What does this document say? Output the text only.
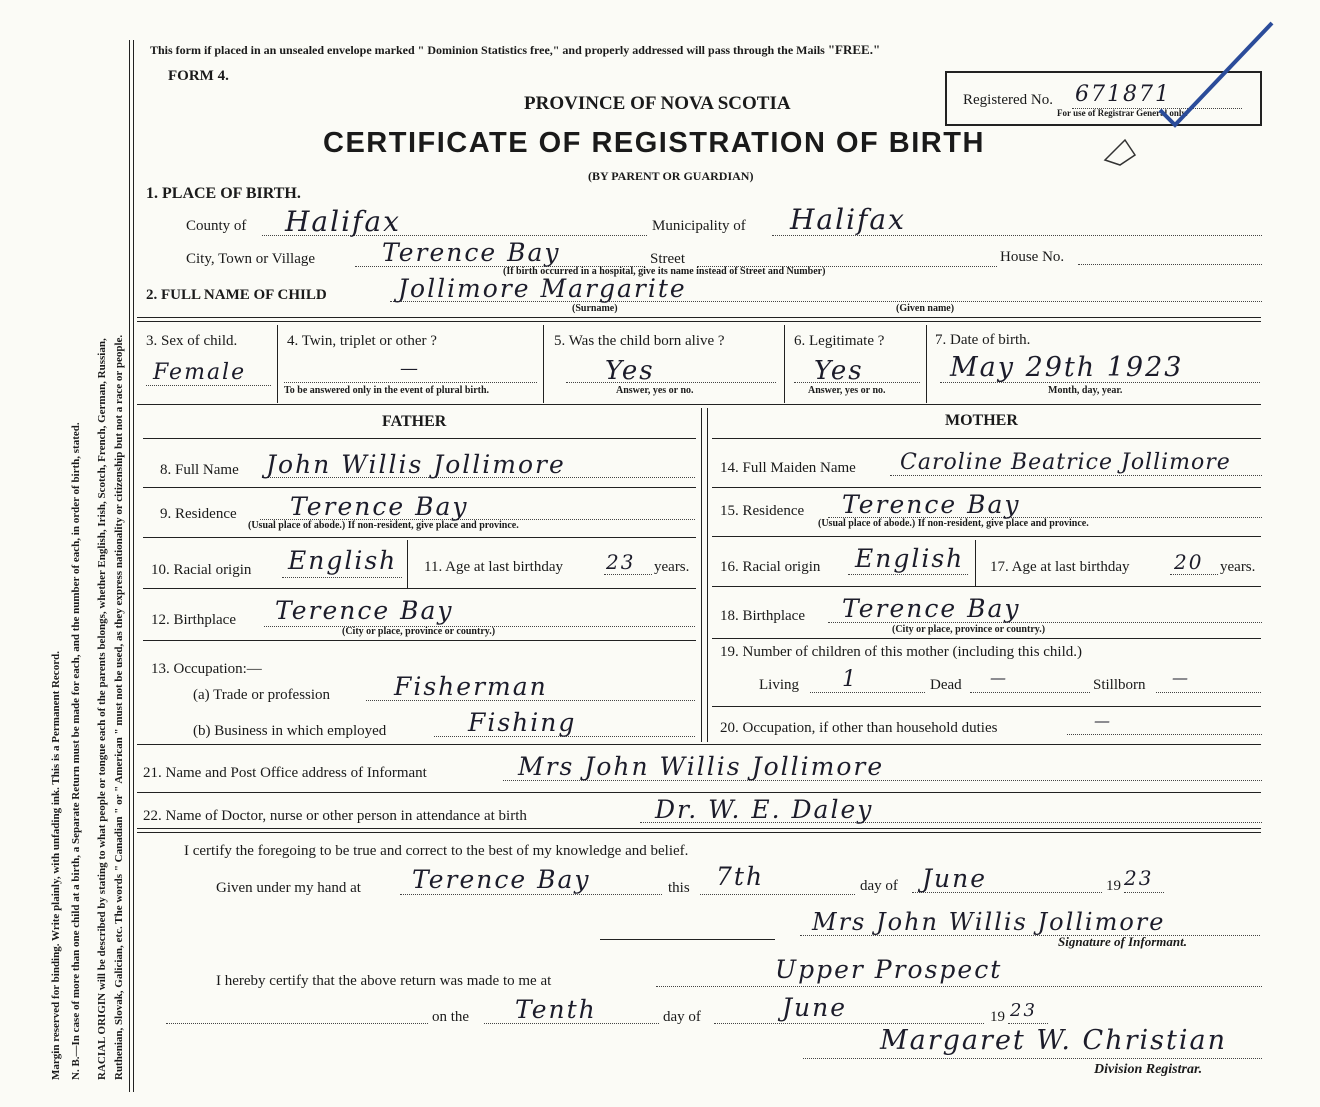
Margin reserved for binding. Write plainly, with unfading ink. This is a Permanent Record. N. B.—In case of more than one child at a birth, a Separate Return must be made for each, and the number of each, in order of birth, stated. RACIAL ORIGIN will be described by stating to what people or tongue each of the parents belongs, whether English, Irish, Scotch, French, German, Russian, Ruthenian, Slovak, Galician, etc. The words " Canadian " or " American " must not be used, as they express nationality or citizenship but not a race or people.
This form if placed in an unsealed envelope marked " Dominion Statistics free," and properly addressed will pass through the Mails "FREE."
FORM 4.
PROVINCE OF NOVA SCOTIA
CERTIFICATE OF REGISTRATION OF BIRTH
(BY PARENT OR GUARDIAN)
Registered No. 671871
For use of Registrar General only.
1. PLACE OF BIRTH.
County of Halifax	Municipality of Halifax
City, Town or Village	Terence Bay	Street	House No.
(If birth occurred in a hospital, give its name instead of Street and Number)
2. FULL NAME OF CHILD	Jollimore Margarite
(Surname)	(Given name)
3. Sex of child.
Female
4. Twin, triplet or other ?
—
To be answered only in the event of plural birth.
5. Was the child born alive ?
Yes
Answer, yes or no.
6. Legitimate ?
Yes
Answer, yes or no.
7. Date of birth.
May 29th 1923
Month, day, year.
FATHER	MOTHER
8. Full Name John Willis Jollimore
9. Residence Terence Bay
(Usual place of abode.) If non-resident, give place and province.
10. Racial origin English 11. Age at last birthday 23 years.
12. Birthplace Terence Bay
(City or place, province or country.)
13. Occupation:—
(a) Trade or profession	Fisherman
(b) Business in which employed	Fishing
14. Full Maiden Name Caroline Beatrice Jollimore
15. Residence Terence Bay
(Usual place of abode.) If non-resident, give place and province.
16. Racial origin English 17. Age at last birthday 20 years.
18. Birthplace Terence Bay
(City or place, province or country.)
19. Number of children of this mother (including this child.)
Living 1	Dead —	Stillborn —
20. Occupation, if other than household duties	—
21. Name and Post Office address of Informant	Mrs John Willis Jollimore
22. Name of Doctor, nurse or other person in attendance at birth	Dr. W. E. Daley
I certify the foregoing to be true and correct to the best of my knowledge and belief.
Given under my hand at Terence Bay	this 7th	day of June	19 23
Mrs John Willis Jollimore
Signature of Informant.
I hereby certify that the above return was made to me at	Upper Prospect
on the Tenth	day of	June	19 23
Margaret W. Christian
Division Registrar.
